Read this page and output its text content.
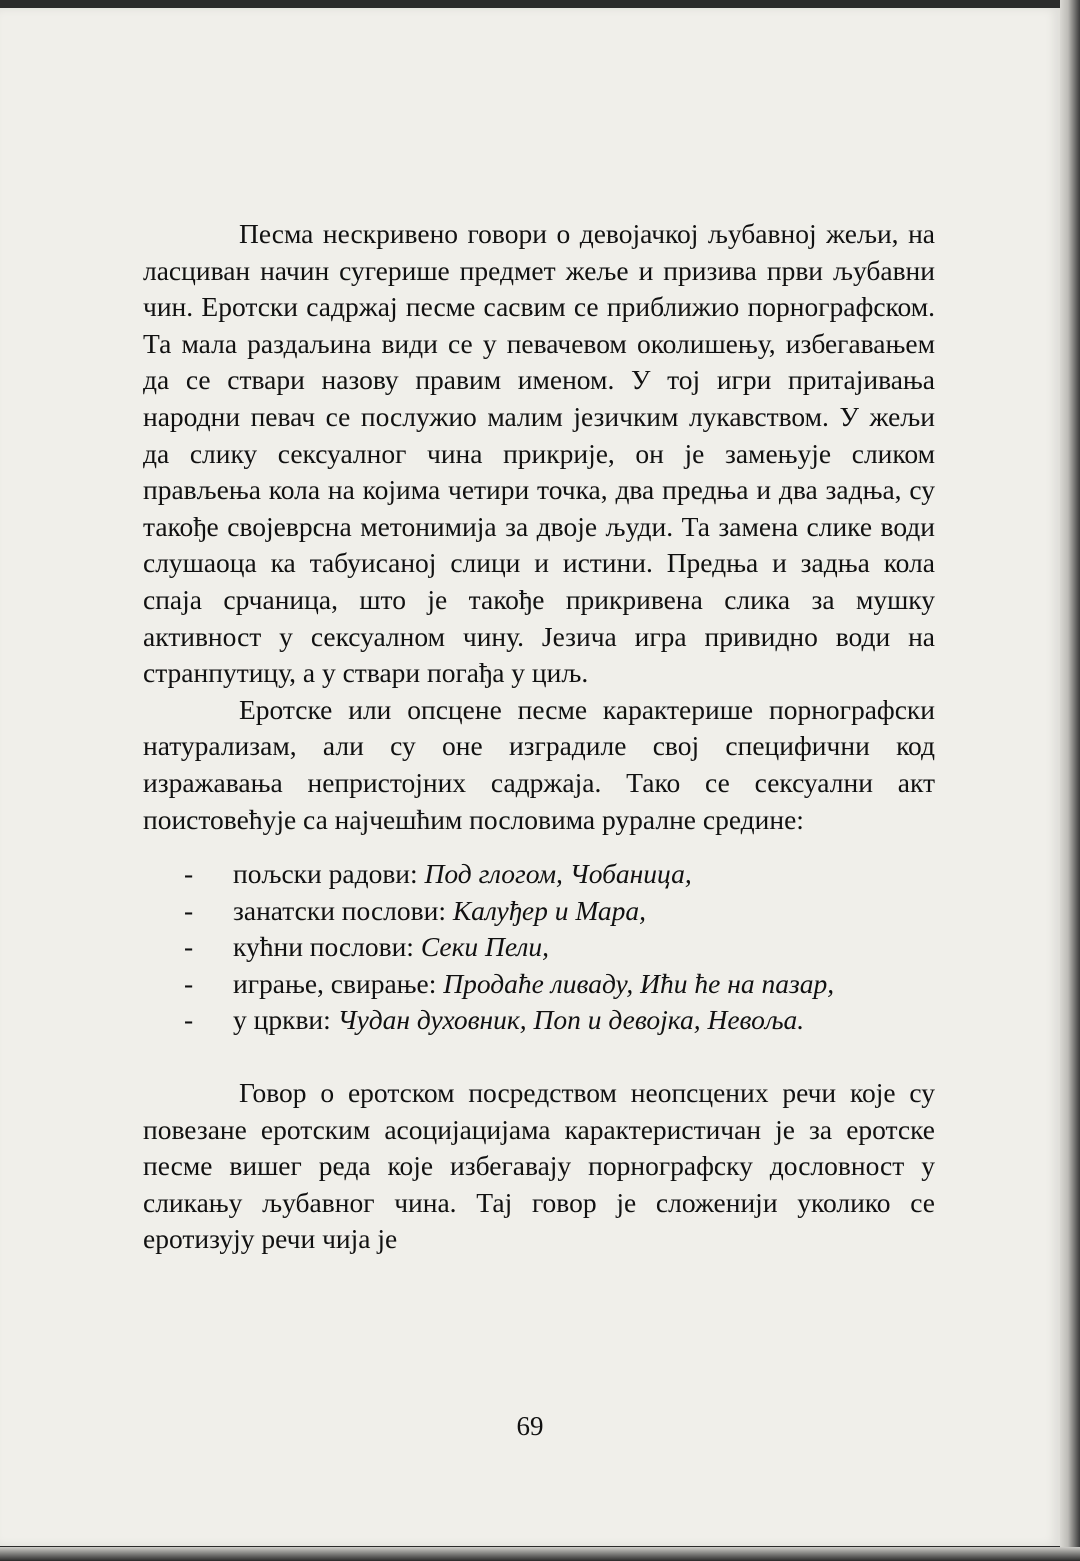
Песма нескривено говори о девојачкој љубавној жељи, на ласциван начин сугерише предмет жеље и призива први љубавни чин. Еротски садржај песме сасвим се приближио порнографском. Та мала раздаљина види се у певачевом околишењу, избегавањем да се ствари назову правим именом. У тој игри притајивања народни певач се послужио малим језичким лукавством. У жељи да слику сексуалног чина прикрије, он је замењује сликом прављења кола на којима четири точка, два предња и два задња, су такође својеврсна метонимија за двоје људи. Та замена слике води слушаоца ка табуисаној слици и истини. Предња и задња кола спаја срчаница, што је такође прикривена слика за мушку активност у сексуалном чину. Језича игра привидно води на странпутицу, а у ствари погађа у циљ.

Еротске или опсцене песме карактерише порнографски натурализам, али су оне изградиле свој специфични код изражавања непристојних садржаја. Тако се сексуални акт поистовећује са најчешћим пословима руралне средине:

- пољски радови: Под глогом, Чобаница,
- занатски послови: Калуђер и Мара,
- кућни послови: Секи Пели,
- играње, свирање: Продаће ливаду, Ићи ће на пазар,
- у цркви: Чудан духовник, Поп и девојка, Невоља.

Говор о еротском посредством неопсцених речи које су повезане еротским асоцијацијама карактеристичан је за еротске песме вишег реда које избегавају порнографску дословност у сликању љубавног чина. Тај говор је сложенији уколико се еротизују речи чија је

69
